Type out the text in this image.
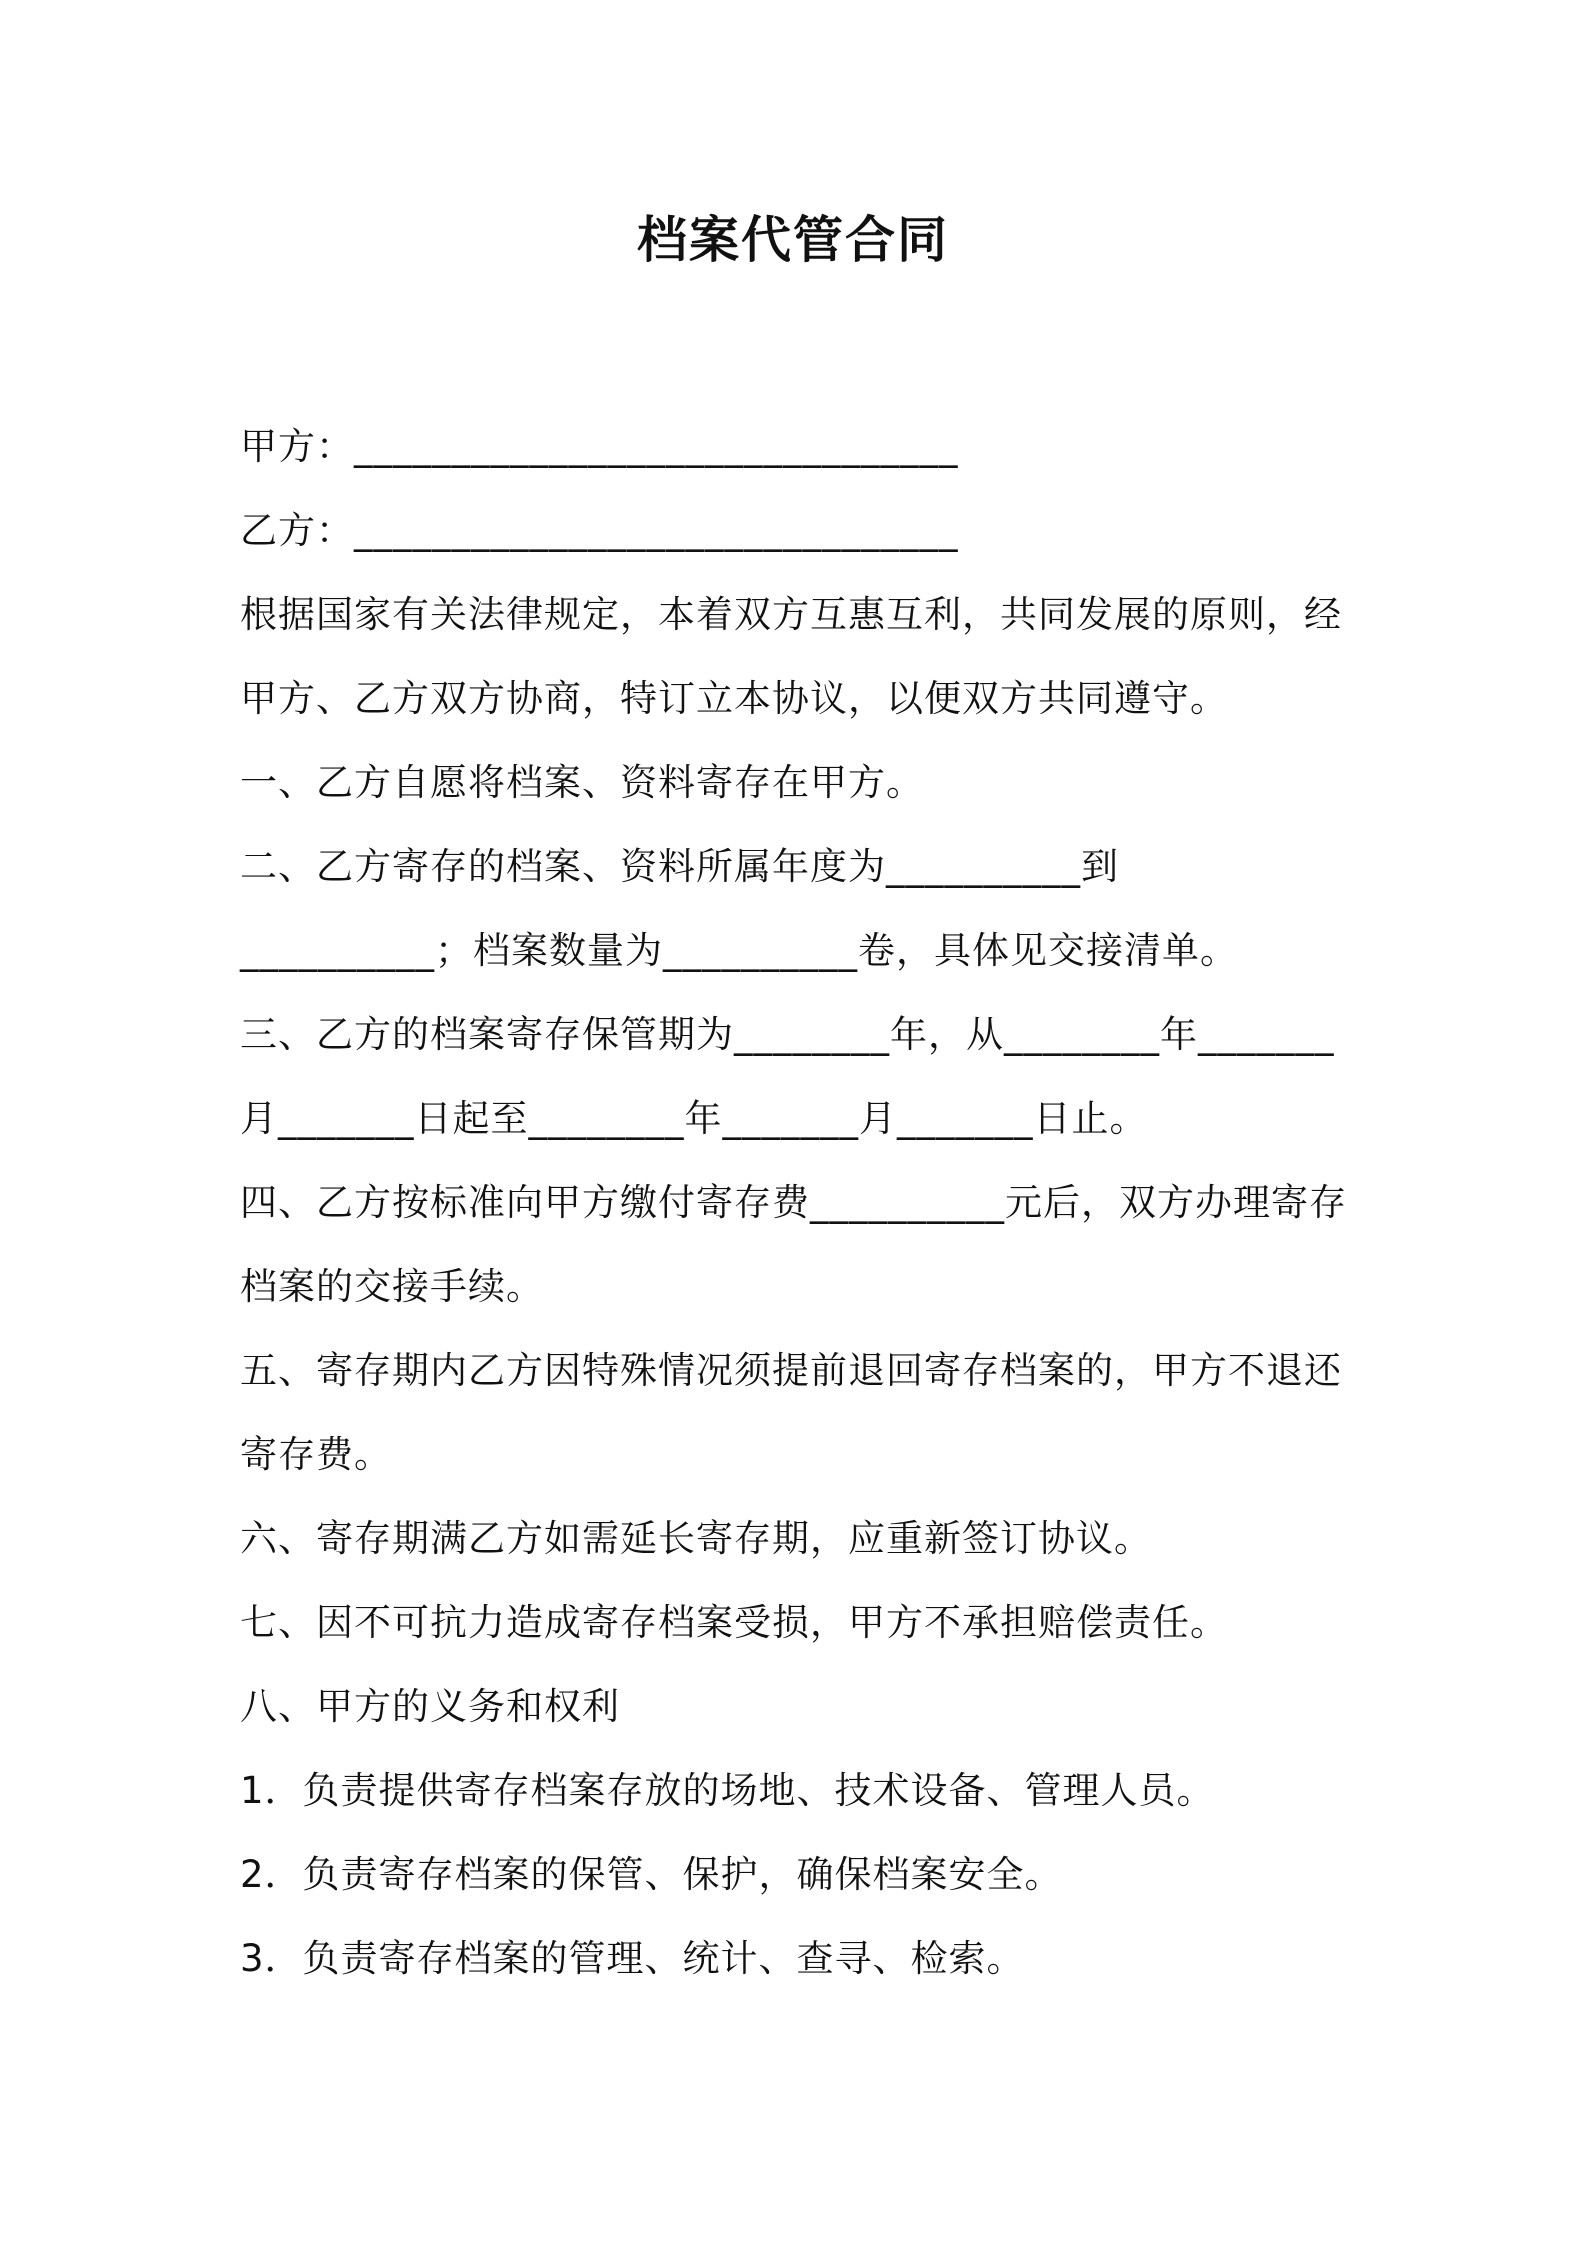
档案代管合同

甲方：_______________________________

乙方：_______________________________

根据国家有关法律规定，本着双方互惠互利，共同发展的原则，经甲方、乙方双方协商，特订立本协议，以便双方共同遵守。

一、乙方自愿将档案、资料寄存在甲方。

二、乙方寄存的档案、资料所属年度为__________到__________；档案数量为__________卷，具体见交接清单。

三、乙方的档案寄存保管期为________年，从________年_______月_______日起至________年_______月_______日止。

四、乙方按标准向甲方缴付寄存费__________元后，双方办理寄存档案的交接手续。

五、寄存期内乙方因特殊情况须提前退回寄存档案的，甲方不退还寄存费。

六、寄存期满乙方如需延长寄存期，应重新签订协议。

七、因不可抗力造成寄存档案受损，甲方不承担赔偿责任。

八、甲方的义务和权利

1．负责提供寄存档案存放的场地、技术设备、管理人员。

2．负责寄存档案的保管、保护，确保档案安全。

3．负责寄存档案的管理、统计、查寻、检索。
